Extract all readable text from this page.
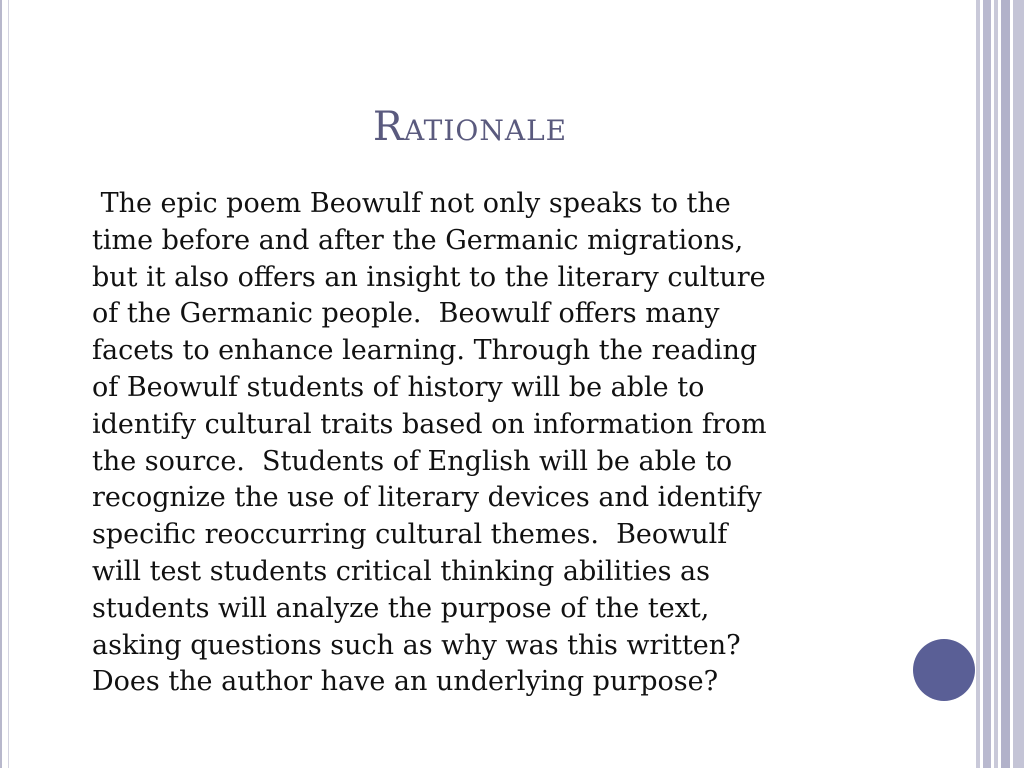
Rationale

The epic poem Beowulf not only speaks to the
time before and after the Germanic migrations,
but it also offers an insight to the literary culture
of the Germanic people.  Beowulf offers many
facets to enhance learning. Through the reading
of Beowulf students of history will be able to
identify cultural traits based on information from
the source.  Students of English will be able to
recognize the use of literary devices and identify
specific reoccurring cultural themes.  Beowulf
will test students critical thinking abilities as
students will analyze the purpose of the text,
asking questions such as why was this written?
Does the author have an underlying purpose?
